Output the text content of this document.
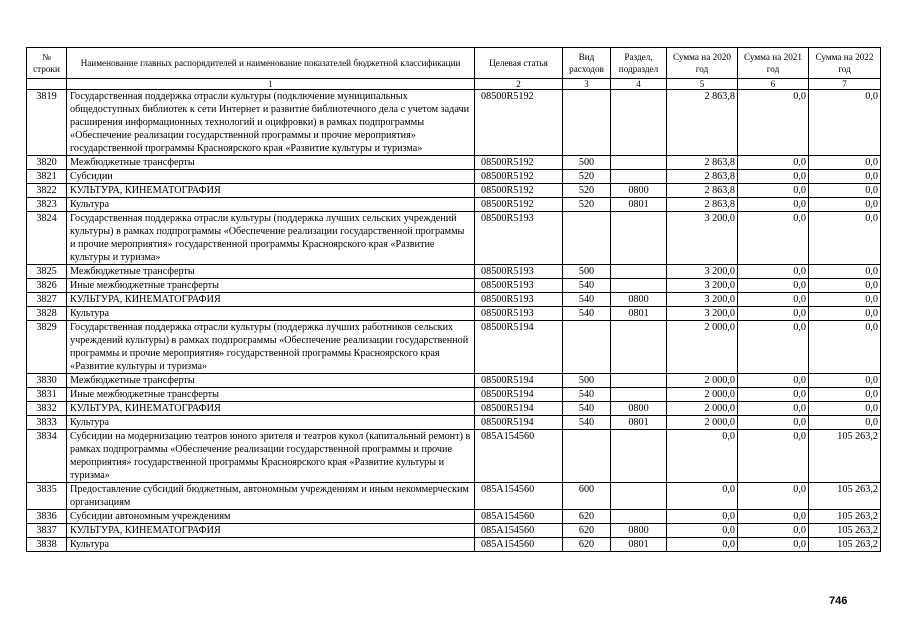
№ строки	Наименование главных распорядителей и наименование показателей бюджетной классификации	Целевая статья	Вид расходов	Раздел, подраздел	Сумма на 2020 год	Сумма на 2021 год	Сумма на 2022 год
	1	2	3	4	5	6	7
3819	Государственная поддержка отрасли культуры (подключение муниципальных общедоступных библиотек к сети Интернет и развитие библиотечного дела с учетом задачи расширения информационных технологий и оцифровки) в рамках подпрограммы «Обеспечение реализации государственной программы и прочие мероприятия» государственной программы Красноярского края «Развитие культуры и туризма»	08500R5192			2 863,8	0,0	0,0
3820	Межбюджетные трансферты	08500R5192	500		2 863,8	0,0	0,0
3821	Субсидии	08500R5192	520		2 863,8	0,0	0,0
3822	КУЛЬТУРА, КИНЕМАТОГРАФИЯ	08500R5192	520	0800	2 863,8	0,0	0,0
3823	Культура	08500R5192	520	0801	2 863,8	0,0	0,0
3824	Государственная поддержка отрасли культуры (поддержка лучших сельских учреждений культуры) в рамках подпрограммы «Обеспечение реализации государственной программы и прочие мероприятия» государственной программы Красноярского края «Развитие культуры и туризма»	08500R5193			3 200,0	0,0	0,0
3825	Межбюджетные трансферты	08500R5193	500		3 200,0	0,0	0,0
3826	Иные межбюджетные трансферты	08500R5193	540		3 200,0	0,0	0,0
3827	КУЛЬТУРА, КИНЕМАТОГРАФИЯ	08500R5193	540	0800	3 200,0	0,0	0,0
3828	Культура	08500R5193	540	0801	3 200,0	0,0	0,0
3829	Государственная поддержка отрасли культуры (поддержка лучших работников сельских учреждений культуры) в рамках подпрограммы «Обеспечение реализации государственной программы и прочие мероприятия» государственной программы Красноярского края «Развитие культуры и туризма»	08500R5194			2 000,0	0,0	0,0
3830	Межбюджетные трансферты	08500R5194	500		2 000,0	0,0	0,0
3831	Иные межбюджетные трансферты	08500R5194	540		2 000,0	0,0	0,0
3832	КУЛЬТУРА, КИНЕМАТОГРАФИЯ	08500R5194	540	0800	2 000,0	0,0	0,0
3833	Культура	08500R5194	540	0801	2 000,0	0,0	0,0
3834	Субсидии на модернизацию театров юного зрителя и театров кукол (капитальный ремонт) в рамках подпрограммы «Обеспечение реализации государственной программы и прочие мероприятия» государственной программы Красноярского края «Развитие культуры и туризма»	085A154560			0,0	0,0	105 263,2
3835	Предоставление субсидий бюджетным, автономным учреждениям и иным некоммерческим организациям	085A154560	600		0,0	0,0	105 263,2
3836	Субсидии автономным учреждениям	085A154560	620		0,0	0,0	105 263,2
3837	КУЛЬТУРА, КИНЕМАТОГРАФИЯ	085A154560	620	0800	0,0	0,0	105 263,2
3838	Культура	085A154560	620	0801	0,0	0,0	105 263,2
746
